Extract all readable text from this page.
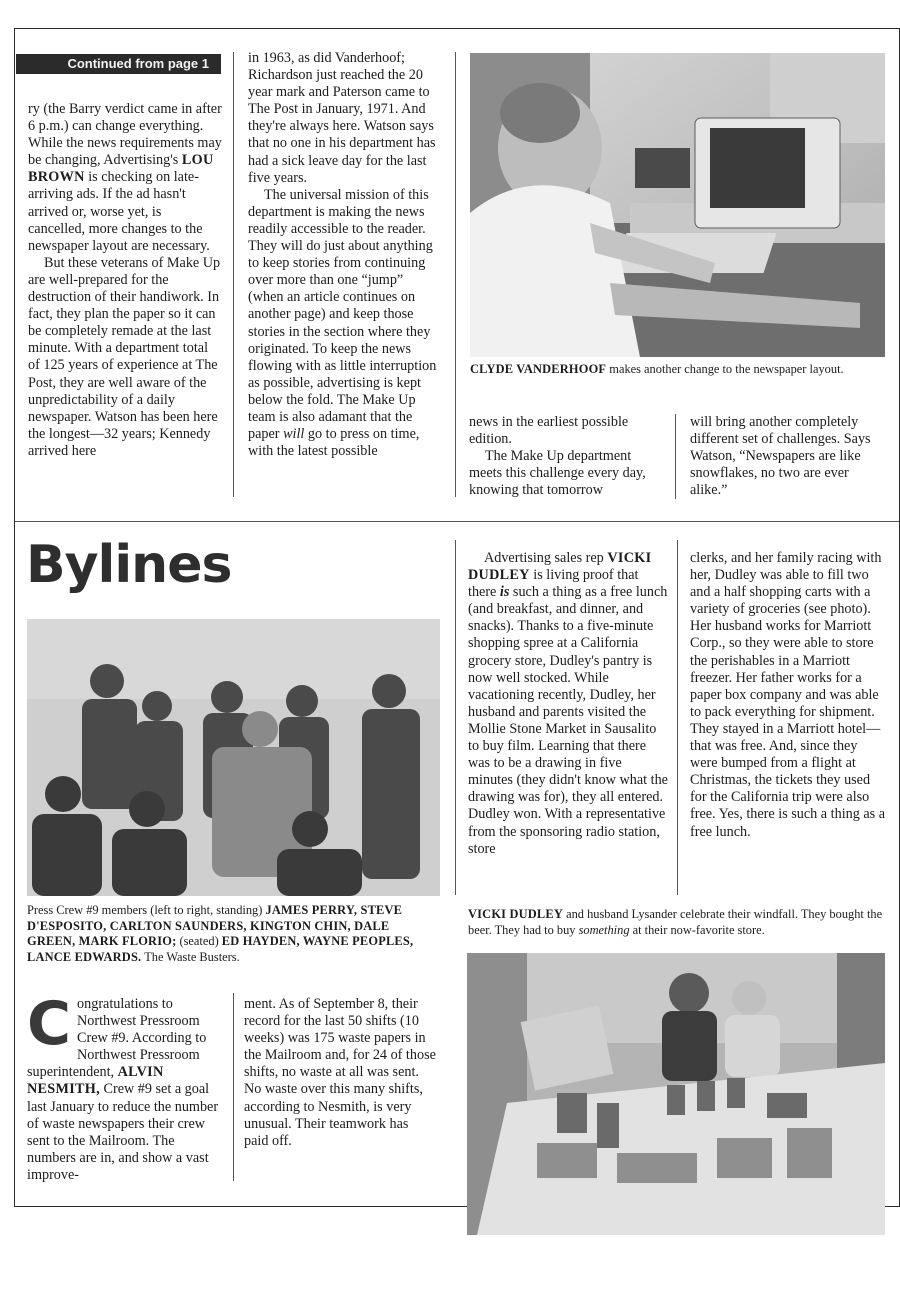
Continued from page 1

ry (the Barry verdict came in after 6 p.m.) can change everything. While the news requirements may be changing, Advertising's LOU BROWN is checking on late-arriving ads. If the ad hasn't arrived or, worse yet, is cancelled, more changes to the newspaper layout are necessary.

But these veterans of Make Up are well-prepared for the destruction of their handiwork. In fact, they plan the paper so it can be completely remade at the last minute. With a department total of 125 years of experience at The Post, they are well aware of the unpredictability of a daily newspaper. Watson has been here the longest—32 years; Kennedy arrived here

in 1963, as did Vanderhoof; Richardson just reached the 20 year mark and Paterson came to The Post in January, 1971. And they're always here. Watson says that no one in his department has had a sick leave day for the last five years.

The universal mission of this department is making the news readily accessible to the reader. They will do just about anything to keep stories from continuing over more than one “jump” (when an article continues on another page) and keep those stories in the section where they originated. To keep the news flowing with as little interruption as possible, advertising is kept below the fold. The Make Up team is also adamant that the paper will go to press on time, with the latest possible

CLYDE VANDERHOOF makes another change to the newspaper layout.

news in the earliest possible edition.

The Make Up department meets this challenge every day, knowing that tomorrow

will bring another completely different set of challenges. Says Watson, “Newspapers are like snowflakes, no two are ever alike.”

Bylines
Press Crew #9 members (left to right, standing) JAMES PERRY, STEVE D'ESPOSITO, CARLTON SAUNDERS, KINGTON CHIN, DALE GREEN, MARK FLORIO; (seated) ED HAYDEN, WAYNE PEOPLES, LANCE EDWARDS. The Waste Busters.

Congratulations to Northwest Pressroom Crew #9. According to Northwest Pressroom superintendent, ALVIN NESMITH, Crew #9 set a goal last January to reduce the number of waste newspapers their crew sent to the Mailroom. The numbers are in, and show a vast improve-

ment. As of September 8, their record for the last 50 shifts (10 weeks) was 175 waste papers in the Mailroom and, for 24 of those shifts, no waste at all was sent. No waste over this many shifts, according to Nesmith, is very unusual. Their teamwork has paid off.

Advertising sales rep VICKI DUDLEY is living proof that there is such a thing as a free lunch (and breakfast, and dinner, and snacks). Thanks to a five-minute shopping spree at a California grocery store, Dudley's pantry is now well stocked. While vacationing recently, Dudley, her husband and parents visited the Mollie Stone Market in Sausalito to buy film. Learning that there was to be a drawing in five minutes (they didn't know what the drawing was for), they all entered. Dudley won. With a representative from the sponsoring radio station, store

clerks, and her family racing with her, Dudley was able to fill two and a half shopping carts with a variety of groceries (see photo). Her husband works for Marriott Corp., so they were able to store the perishables in a Marriott freezer. Her father works for a paper box company and was able to pack everything for shipment. They stayed in a Marriott hotel—that was free. And, since they were bumped from a flight at Christmas, the tickets they used for the California trip were also free. Yes, there is such a thing as a free lunch.

VICKI DUDLEY and husband Lysander celebrate their windfall. They bought the beer. They had to buy something at their now-favorite store.
